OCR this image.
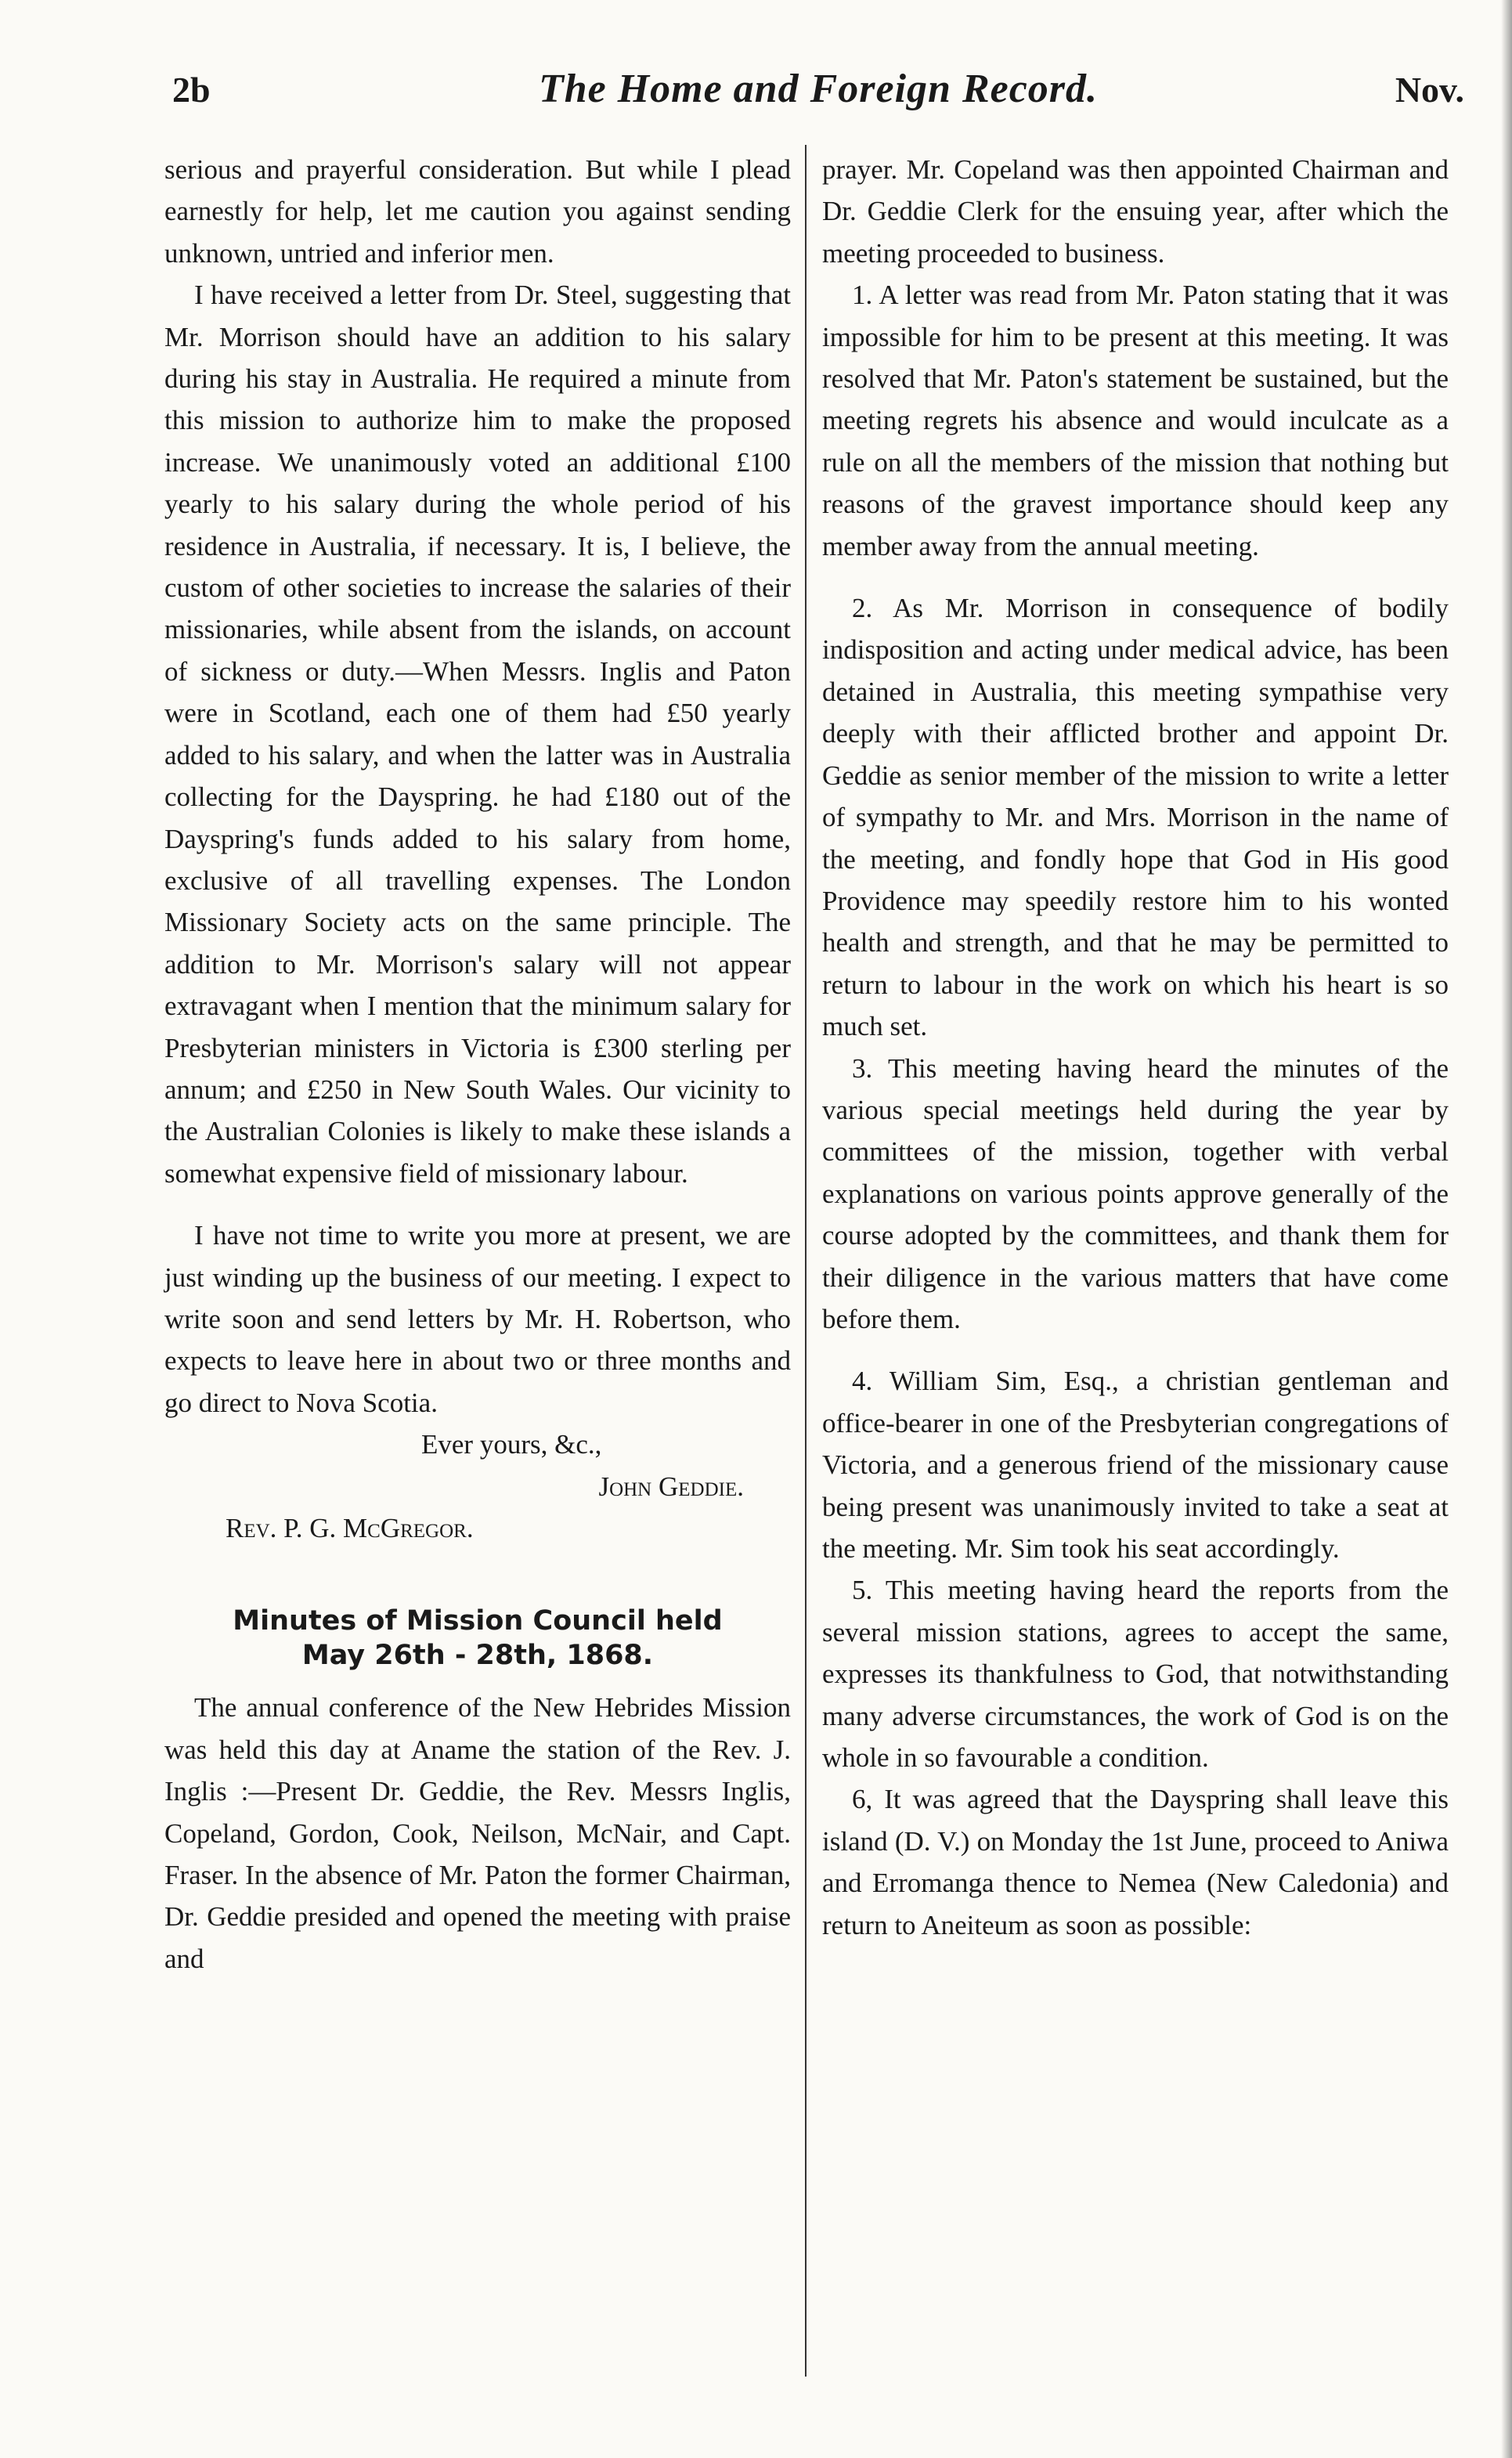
2b	The Home and Foreign Record.	Nov.

serious and prayerful consideration. But while I plead earnestly for help, let me caution you against sending unknown, untried and inferior men.

I have received a letter from Dr. Steel, suggesting that Mr. Morrison should have an addition to his salary during his stay in Australia. He required a minute from this mission to authorize him to make the proposed increase. We unanimously voted an additional £100 yearly to his salary during the whole period of his residence in Australia, if necessary. It is, I believe, the custom of other societies to increase the salaries of their missionaries, while absent from the islands, on account of sickness or duty.—When Messrs. Inglis and Paton were in Scotland, each one of them had £50 yearly added to his salary, and when the latter was in Australia collecting for the Dayspring. he had £180 out of the Dayspring's funds added to his salary from home, exclusive of all travelling expenses. The London Missionary Society acts on the same principle. The addition to Mr. Morrison's salary will not appear extravagant when I mention that the minimum salary for Presbyterian ministers in Victoria is £300 sterling per annum; and £250 in New South Wales. Our vicinity to the Australian Colonies is likely to make these islands a somewhat expensive field of missionary labour.

I have not time to write you more at present, we are just winding up the business of our meeting. I expect to write soon and send letters by Mr. H. Robertson, who expects to leave here in about two or three months and go direct to Nova Scotia.

Ever yours, &c.,

John Geddie.

Rev. P. G. McGregor.

Minutes of Mission Council held
May 26th - 28th, 1868.

The annual conference of the New Hebrides Mission was held this day at Aname the station of the Rev. J. Inglis :—Present Dr. Geddie, the Rev. Messrs Inglis, Copeland, Gordon, Cook, Neilson, McNair, and Capt. Fraser. In the absence of Mr. Paton the former Chairman, Dr. Geddie presided and opened the meeting with praise and

prayer. Mr. Copeland was then appointed Chairman and Dr. Geddie Clerk for the ensuing year, after which the meeting proceeded to business.

1. A letter was read from Mr. Paton stating that it was impossible for him to be present at this meeting. It was resolved that Mr. Paton's statement be sustained, but the meeting regrets his absence and would inculcate as a rule on all the members of the mission that nothing but reasons of the gravest importance should keep any member away from the annual meeting.

2. As Mr. Morrison in consequence of bodily indisposition and acting under medical advice, has been detained in Australia, this meeting sympathise very deeply with their afflicted brother and appoint Dr. Geddie as senior member of the mission to write a letter of sympathy to Mr. and Mrs. Morrison in the name of the meeting, and fondly hope that God in His good Providence may speedily restore him to his wonted health and strength, and that he may be permitted to return to labour in the work on which his heart is so much set.

3. This meeting having heard the minutes of the various special meetings held during the year by committees of the mission, together with verbal explanations on various points approve generally of the course adopted by the committees, and thank them for their diligence in the various matters that have come before them.

4. William Sim, Esq., a christian gentleman and office-bearer in one of the Presbyterian congregations of Victoria, and a generous friend of the missionary cause being present was unanimously invited to take a seat at the meeting. Mr. Sim took his seat accordingly.

5. This meeting having heard the reports from the several mission stations, agrees to accept the same, expresses its thankfulness to God, that notwithstanding many adverse circumstances, the work of God is on the whole in so favourable a condition.

6, It was agreed that the Dayspring shall leave this island (D. V.) on Monday the 1st June, proceed to Aniwa and Erromanga thence to Nemea (New Caledonia) and return to Aneiteum as soon as possible:
